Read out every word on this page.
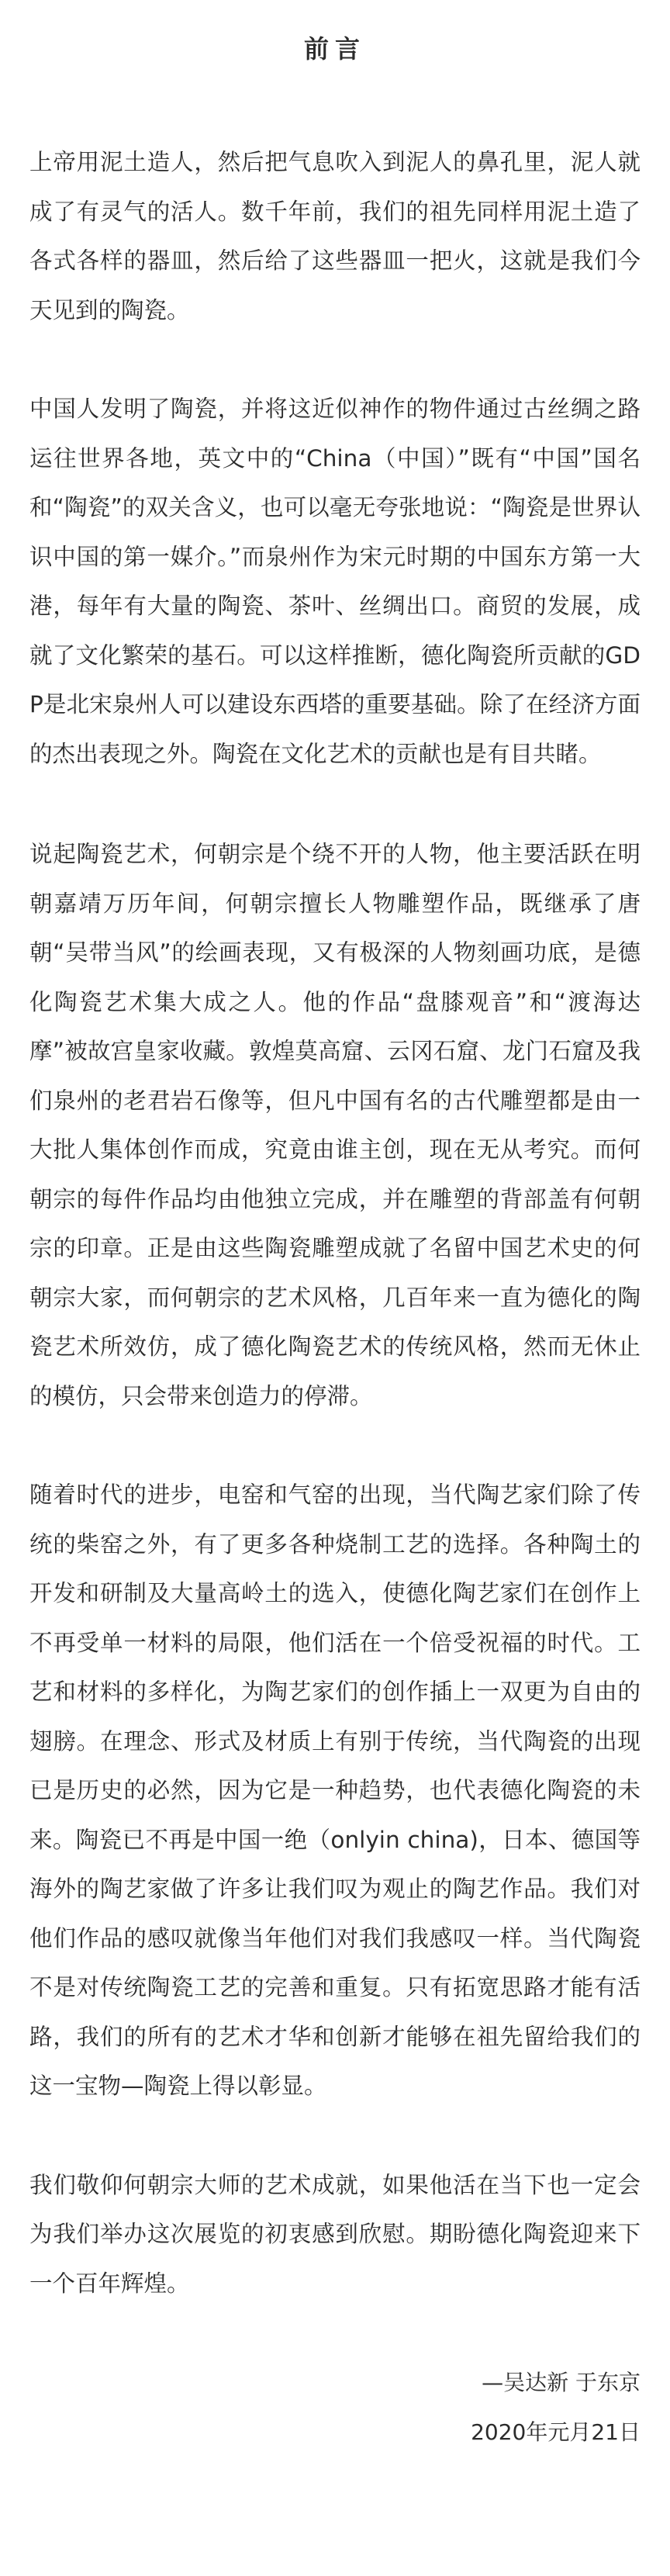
前言

上帝用泥土造人，然后把气息吹入到泥人的鼻孔里，泥人就成了有灵气的活人。数千年前，我们的祖先同样用泥土造了各式各样的器皿，然后给了这些器皿一把火，这就是我们今天见到的陶瓷。

中国人发明了陶瓷，并将这近似神作的物件通过古丝绸之路运往世界各地，英文中的“China（中国）”既有“中国”国名和“陶瓷”的双关含义，也可以毫无夸张地说：“陶瓷是世界认识中国的第一媒介。”而泉州作为宋元时期的中国东方第一大港，每年有大量的陶瓷、茶叶、丝绸出口。商贸的发展，成就了文化繁荣的基石。可以这样推断，德化陶瓷所贡献的GDP是北宋泉州人可以建设东西塔的重要基础。除了在经济方面的杰出表现之外。陶瓷在文化艺术的贡献也是有目共睹。

说起陶瓷艺术，何朝宗是个绕不开的人物，他主要活跃在明朝嘉靖万历年间，何朝宗擅长人物雕塑作品，既继承了唐朝“吴带当风”的绘画表现，又有极深的人物刻画功底，是德化陶瓷艺术集大成之人。他的作品“盘膝观音”和“渡海达摩”被故宫皇家收藏。敦煌莫高窟、云冈石窟、龙门石窟及我们泉州的老君岩石像等，但凡中国有名的古代雕塑都是由一大批人集体创作而成，究竟由谁主创，现在无从考究。而何朝宗的每件作品均由他独立完成，并在雕塑的背部盖有何朝宗的印章。正是由这些陶瓷雕塑成就了名留中国艺术史的何朝宗大家，而何朝宗的艺术风格，几百年来一直为德化的陶瓷艺术所效仿，成了德化陶瓷艺术的传统风格，然而无休止的模仿，只会带来创造力的停滞。

随着时代的进步，电窑和气窑的出现，当代陶艺家们除了传统的柴窑之外，有了更多各种烧制工艺的选择。各种陶土的开发和研制及大量高岭土的选入，使德化陶艺家们在创作上不再受单一材料的局限，他们活在一个倍受祝福的时代。工艺和材料的多样化，为陶艺家们的创作插上一双更为自由的翅膀。在理念、形式及材质上有别于传统，当代陶瓷的出现已是历史的必然，因为它是一种趋势，也代表德化陶瓷的未来。陶瓷已不再是中国一绝（onlyin china)，日本、德国等海外的陶艺家做了许多让我们叹为观止的陶艺作品。我们对他们作品的感叹就像当年他们对我们我感叹一样。当代陶瓷不是对传统陶瓷工艺的完善和重复。只有拓宽思路才能有活路，我们的所有的艺术才华和创新才能够在祖先留给我们的这一宝物—陶瓷上得以彰显。

我们敬仰何朝宗大师的艺术成就，如果他活在当下也一定会为我们举办这次展览的初衷感到欣慰。期盼德化陶瓷迎来下一个百年辉煌。

—吴达新 于东京
2020年元月21日
